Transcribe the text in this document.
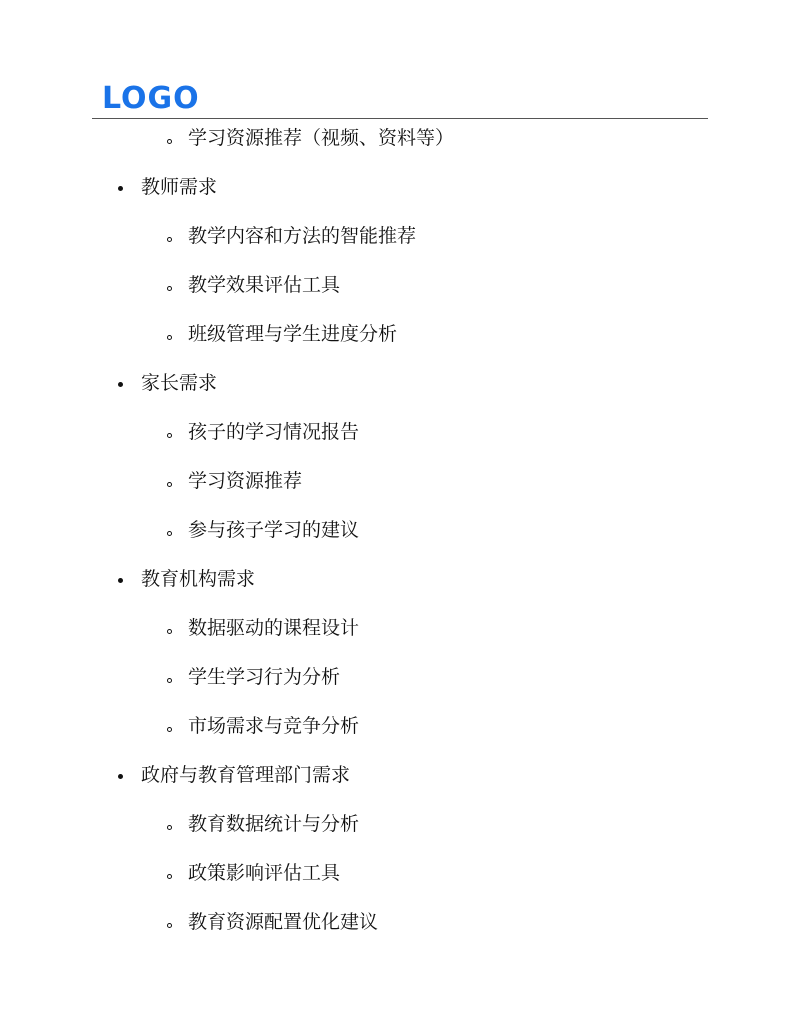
LOGO
学习资源推荐（视频、资料等）
教师需求
教学内容和方法的智能推荐
教学效果评估工具
班级管理与学生进度分析
家长需求
孩子的学习情况报告
学习资源推荐
参与孩子学习的建议
教育机构需求
数据驱动的课程设计
学生学习行为分析
市场需求与竞争分析
政府与教育管理部门需求
教育数据统计与分析
政策影响评估工具
教育资源配置优化建议
